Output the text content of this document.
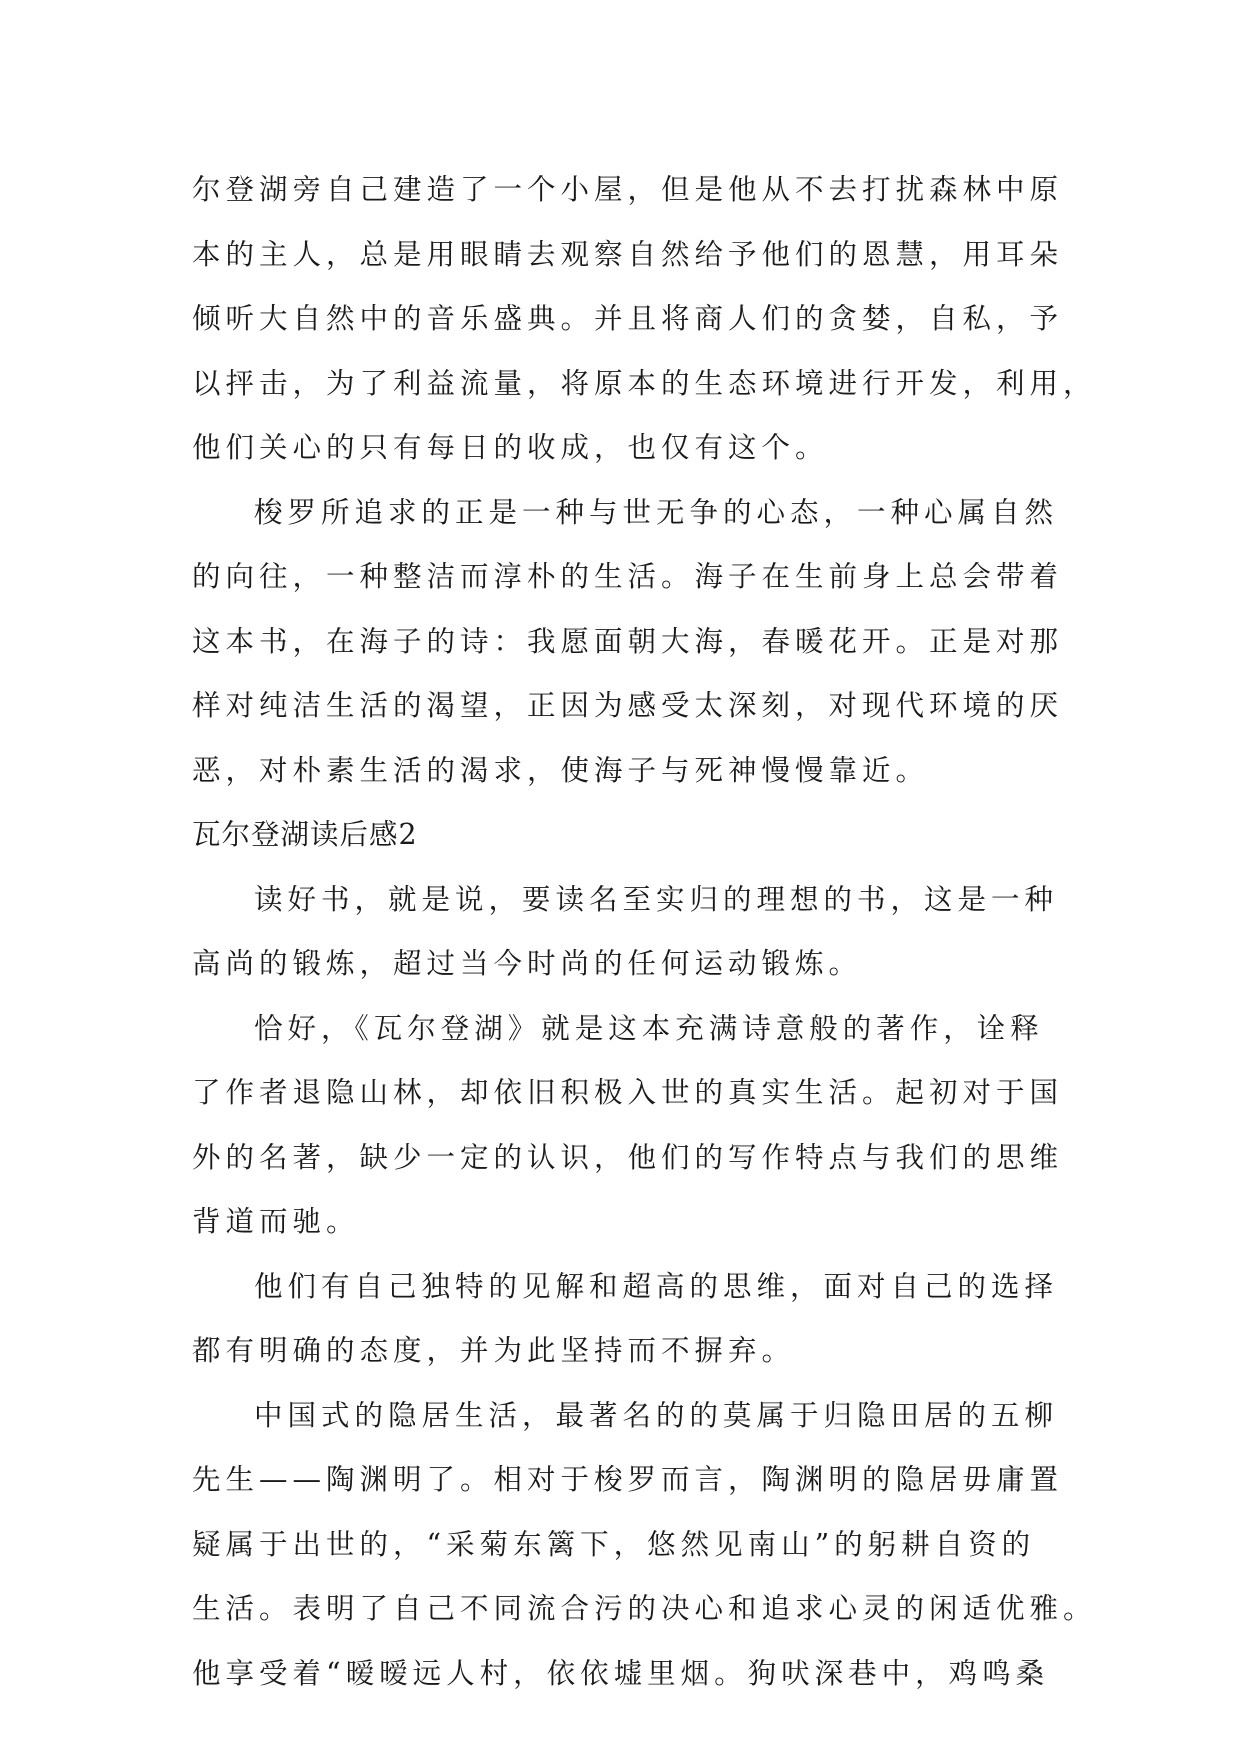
尔登湖旁自己建造了一个小屋，但是他从不去打扰森林中原
本的主人，总是用眼睛去观察自然给予他们的恩慧，用耳朵
倾听大自然中的音乐盛典。并且将商人们的贪婪，自私，予
以抨击，为了利益流量，将原本的生态环境进行开发，利用，
他们关心的只有每日的收成，也仅有这个。
梭罗所追求的正是一种与世无争的心态，一种心属自然
的向往，一种整洁而淳朴的生活。海子在生前身上总会带着
这本书，在海子的诗：我愿面朝大海，春暖花开。正是对那
样对纯洁生活的渴望，正因为感受太深刻，对现代环境的厌
恶，对朴素生活的渴求，使海子与死神慢慢靠近。
瓦尔登湖读后感2
读好书，就是说，要读名至实归的理想的书，这是一种
高尚的锻炼，超过当今时尚的任何运动锻炼。
恰好，《瓦尔登湖》就是这本充满诗意般的著作，诠释
了作者退隐山林，却依旧积极入世的真实生活。起初对于国
外的名著，缺少一定的认识，他们的写作特点与我们的思维
背道而驰。
他们有自己独特的见解和超高的思维，面对自己的选择
都有明确的态度，并为此坚持而不摒弃。
中国式的隐居生活，最著名的的莫属于归隐田居的五柳
先生——陶渊明了。相对于梭罗而言，陶渊明的隐居毋庸置
疑属于出世的，“采菊东篱下，悠然见南山”的躬耕自资的
生活。表明了自己不同流合污的决心和追求心灵的闲适优雅。
他享受着“暧暧远人村，依依墟里烟。狗吠深巷中，鸡鸣桑
